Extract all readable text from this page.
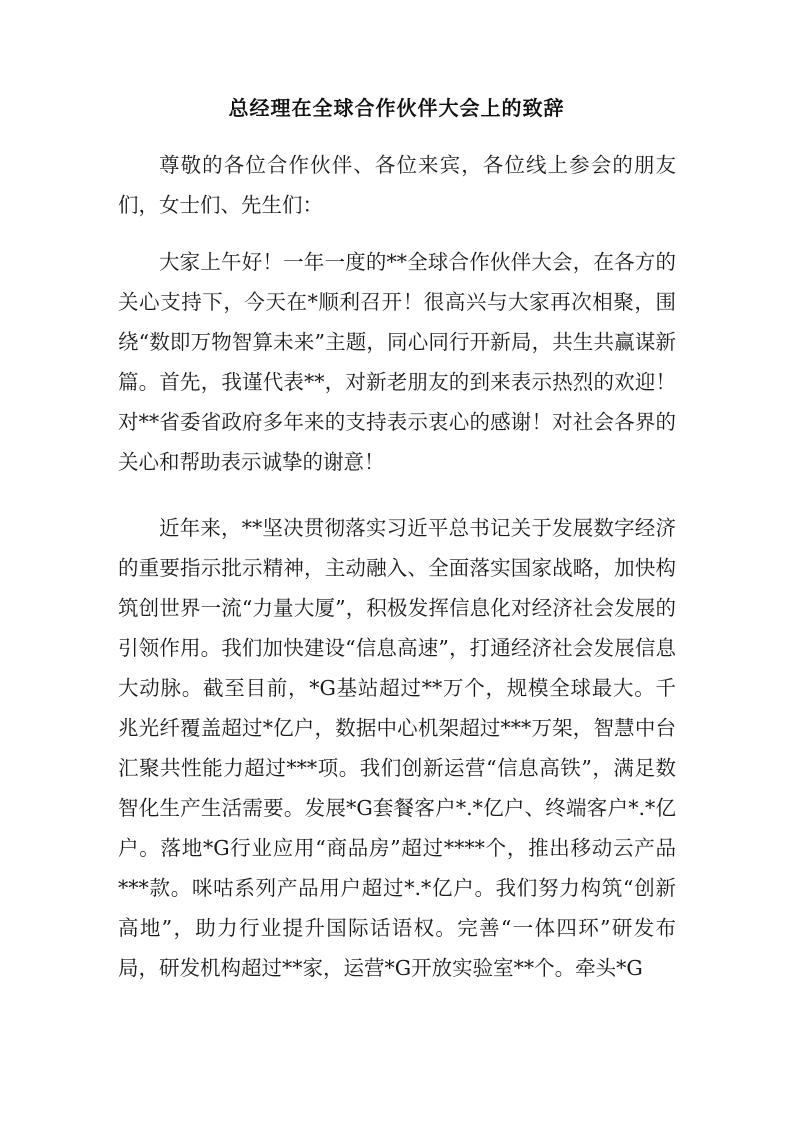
总经理在全球合作伙伴大会上的致辞

尊敬的各位合作伙伴、各位来宾，各位线上参会的朋友们，女士们、先生们：

大家上午好！一年一度的**全球合作伙伴大会，在各方的关心支持下，今天在*顺利召开！很高兴与大家再次相聚，围绕“数即万物智算未来”主题，同心同行开新局，共生共赢谋新篇。首先，我谨代表**，对新老朋友的到来表示热烈的欢迎！对**省委省政府多年来的支持表示衷心的感谢！对社会各界的关心和帮助表示诚挚的谢意！

近年来，**坚决贯彻落实习近平总书记关于发展数字经济的重要指示批示精神，主动融入、全面落实国家战略，加快构筑创世界一流“力量大厦”，积极发挥信息化对经济社会发展的引领作用。我们加快建设“信息高速”，打通经济社会发展信息大动脉。截至目前，*G基站超过**万个，规模全球最大。千兆光纤覆盖超过*亿户，数据中心机架超过***万架，智慧中台汇聚共性能力超过***项。我们创新运营“信息高铁”，满足数智化生产生活需要。发展*G套餐客户*.*亿户、终端客户*.*亿户。落地*G行业应用“商品房”超过****个，推出移动云产品***款。咪咕系列产品用户超过*.*亿户。我们努力构筑“创新高地”，助力行业提升国际话语权。完善“一体四环”研发布局，研发机构超过**家，运营*G开放实验室**个。牵头*G
